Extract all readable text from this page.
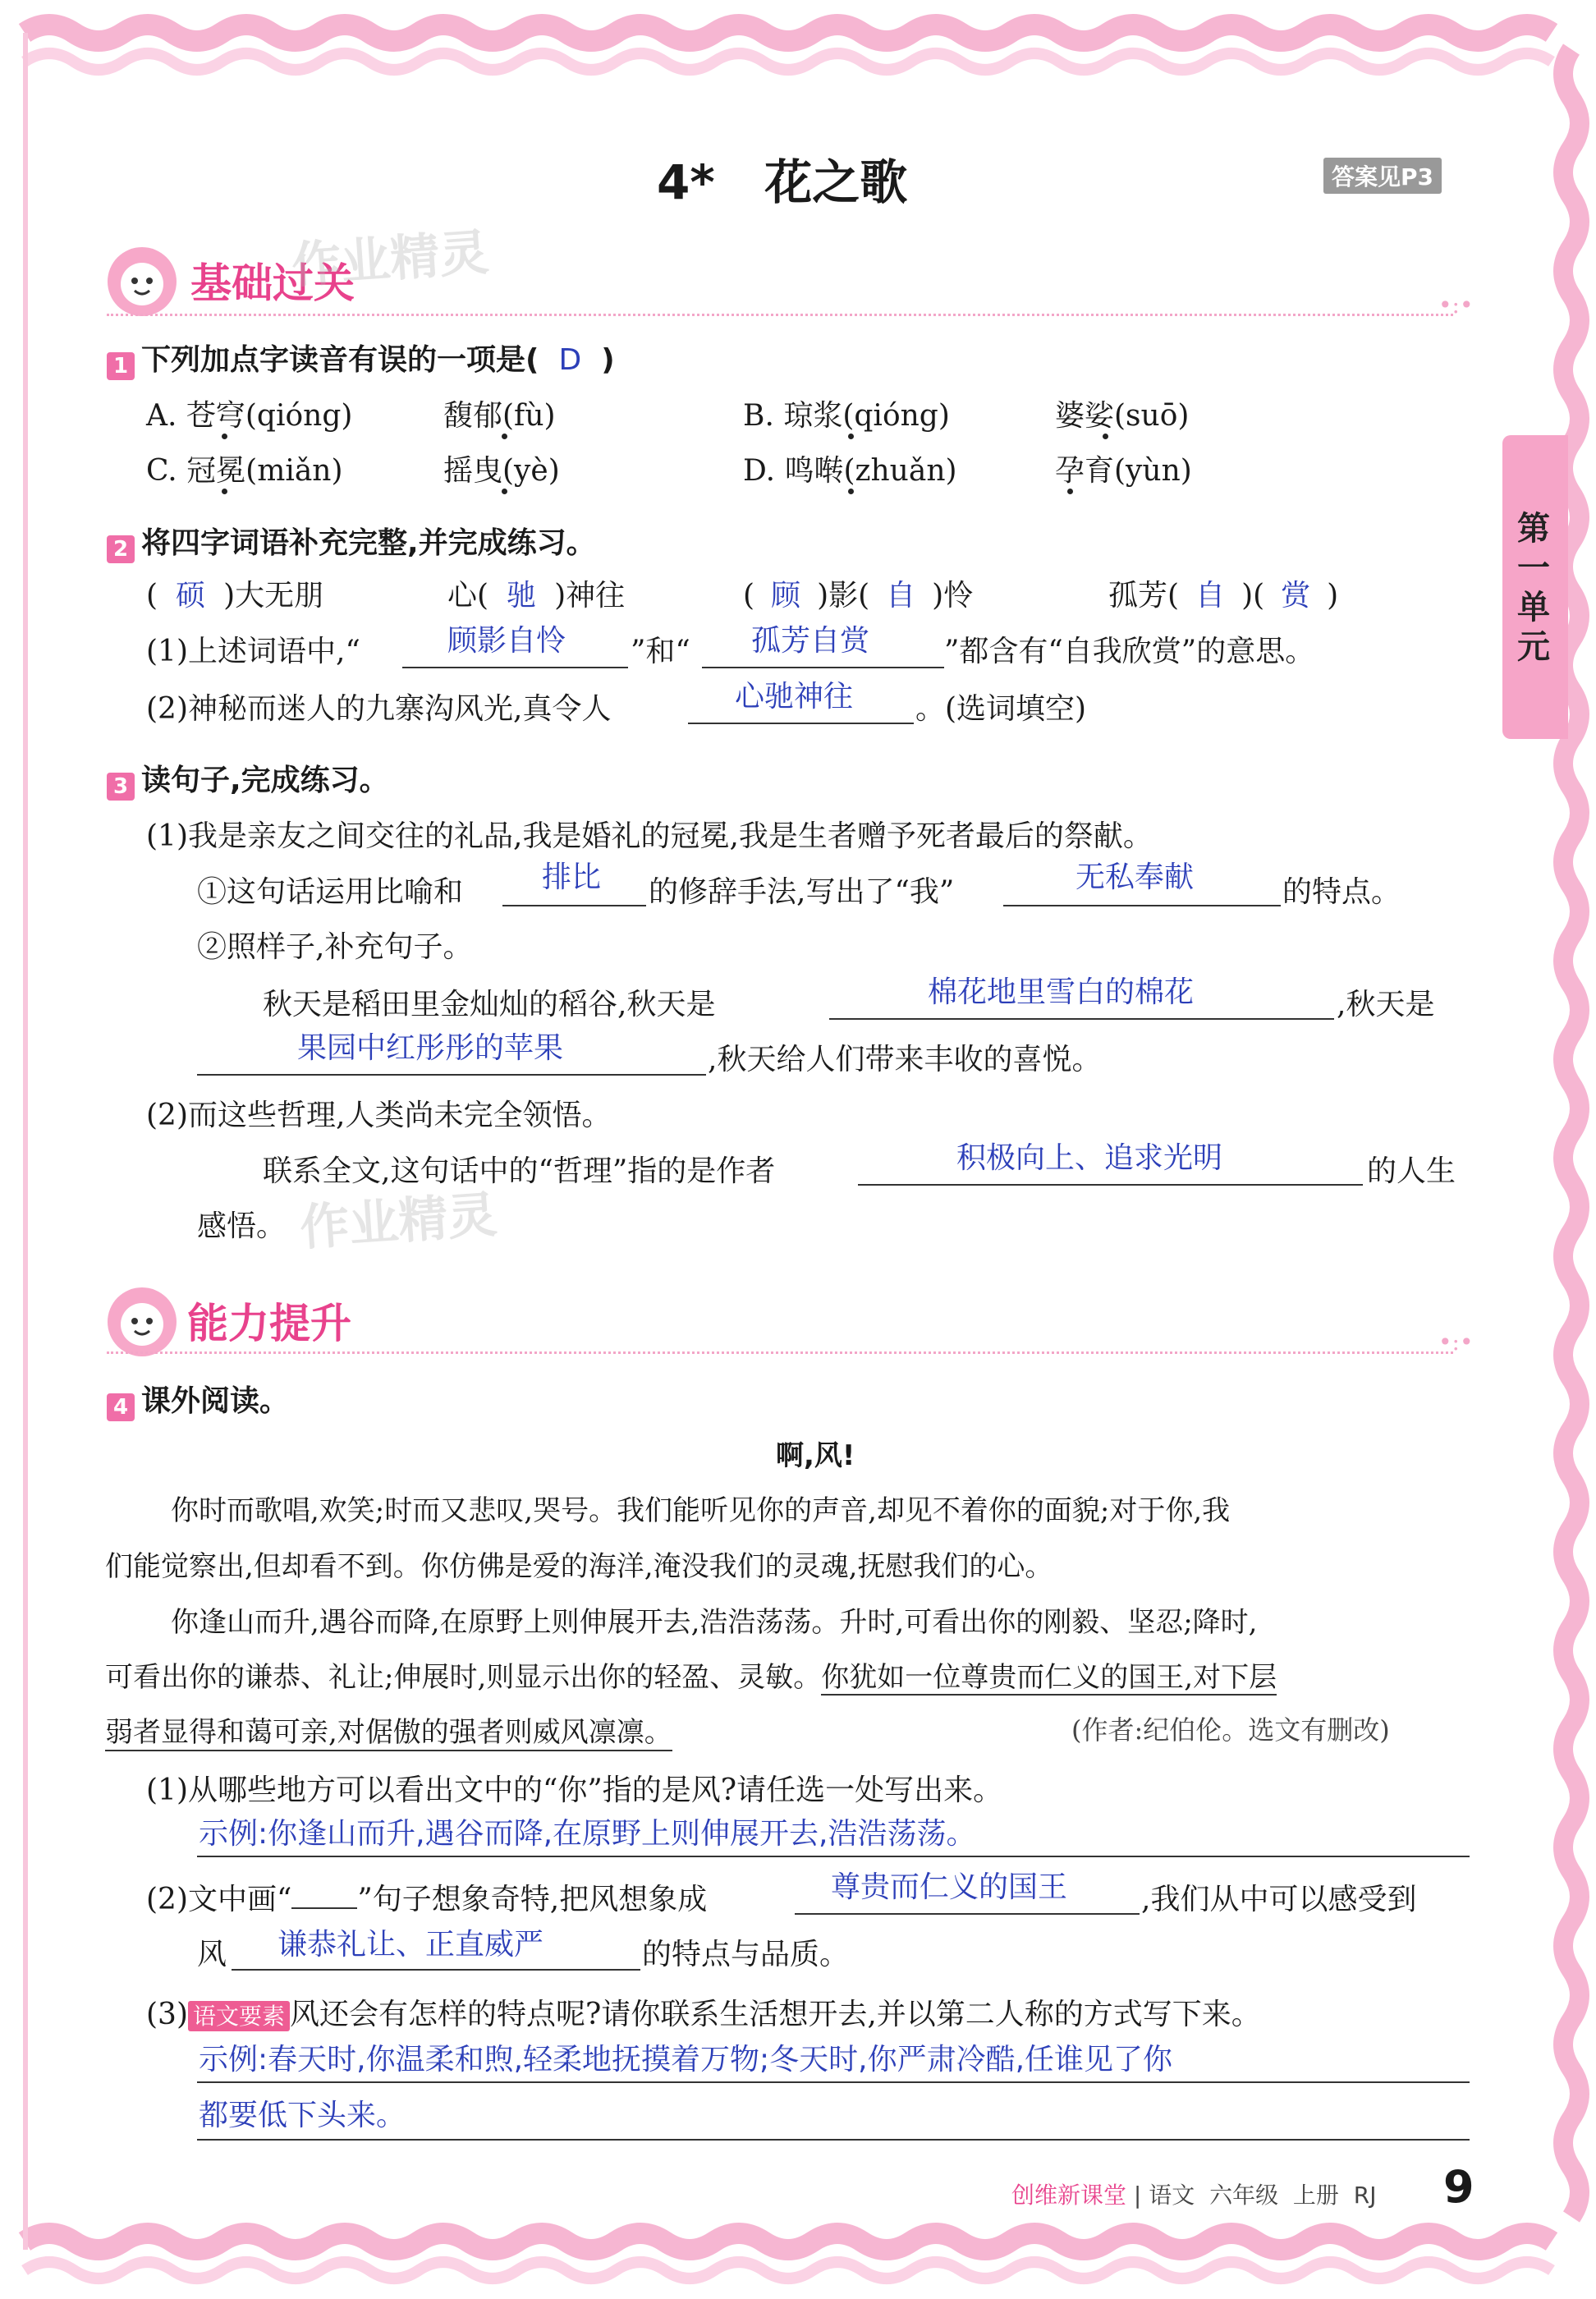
4* 花之歌	答案见P3
第一单元
基础过关
作业精灵
•:•
1 下列加点字读音有误的一项是( D )
A. 苍穹(qióng)	馥郁(fù)	B. 琼浆(qióng)	婆娑(suō)
C. 冠冕(miǎn)	摇曳(yè)	D. 鸣啭(zhuǎn)	孕育(yùn)
2 将四字词语补充完整,并完成练习。
( 硕 )大无朋	心( 驰 )神往	( 顾 )影( 自 )怜	孤芳( 自 )( 赏 )
(1)上述词语中,“	顾影自怜 ”和“ 孤芳自赏	”都含有“自我欣赏”的意思。
(2)神秘而迷人的九寨沟风光,真令人	心驰神往 。(选词填空)
3 读句子,完成练习。
(1)我是亲友之间交往的礼品,我是婚礼的冠冕,我是生者赠予死者最后的祭献。
①这句话运用比喻和	排比 的修辞手法,写出了“我”	无私奉献	的特点。
②照样子,补充句子。
秋天是稻田里金灿灿的稻谷,秋天是	棉花地里雪白的棉花	,秋天是
果园中红彤彤的苹果	,秋天给人们带来丰收的喜悦。
(2)而这些哲理,人类尚未完全领悟。
联系全文,这句话中的“哲理”指的是作者	积极向上、追求光明	的人生
感悟。 作业精灵
能力提升	•:•
4 课外阅读。
啊,风!
你时而歌唱,欢笑;时而又悲叹,哭号。我们能听见你的声音,却见不着你的面貌;对于你,我
们能觉察出,但却看不到。你仿佛是爱的海洋,淹没我们的灵魂,抚慰我们的心。
你逢山而升,遇谷而降,在原野上则伸展开去,浩浩荡荡。升时,可看出你的刚毅、坚忍;降时,
可看出你的谦恭、礼让;伸展时,则显示出你的轻盈、灵敏。你犹如一位尊贵而仁义的国王,对下层
弱者显得和蔼可亲,对倨傲的强者则威风凛凛。	(作者:纪伯伦。选文有删改)
(1)从哪些地方可以看出文中的“你”指的是风?请任选一处写出来。
示例:你逢山而升,遇谷而降,在原野上则伸展开去,浩浩荡荡。
(2)文中画“ ”句子想象奇特,把风想象成	尊贵而仁义的国王 ,我们从中可以感受到
风 谦恭礼让、正直威严	的特点与品质。
(3) 语文要素 风还会有怎样的特点呢?请你联系生活想开去,并以第二人称的方式写下来。
示例:春天时,你温柔和煦,轻柔地抚摸着万物;冬天时,你严肃冷酷,任谁见了你
都要低下头来。
创维新课堂 | 语文 六年级 上册 RJ 9
